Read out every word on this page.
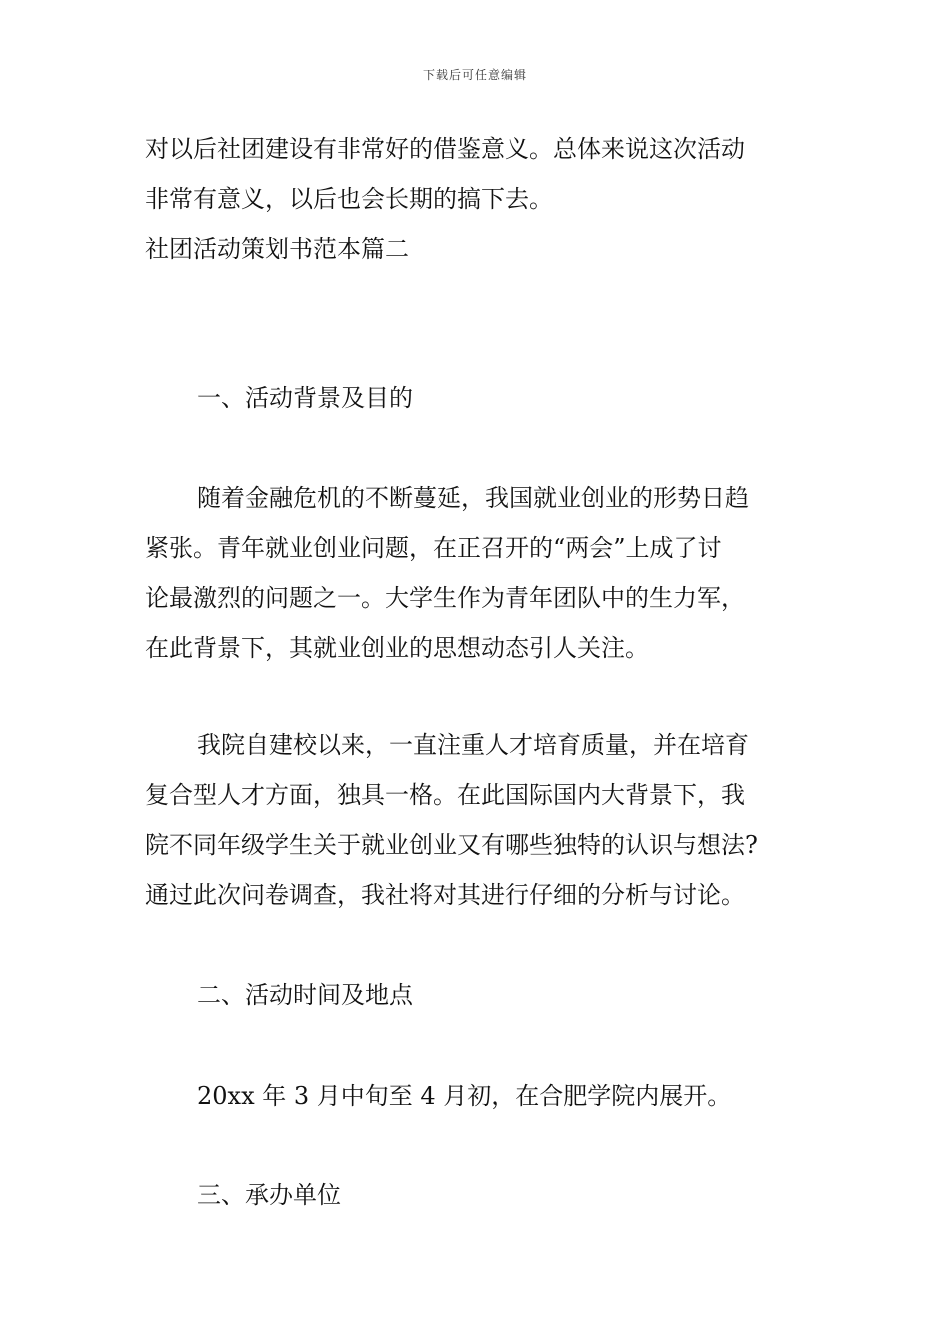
下载后可任意编辑
对以后社团建设有非常好的借鉴意义。总体来说这次活动
非常有意义，以后也会长期的搞下去。
社团活动策划书范本篇二
一、活动背景及目的
随着金融危机的不断蔓延，我国就业创业的形势日趋
紧张。青年就业创业问题，在正召开的“两会”上成了讨
论最激烈的问题之一。大学生作为青年团队中的生力军，
在此背景下，其就业创业的思想动态引人关注。
我院自建校以来，一直注重人才培育质量，并在培育
复合型人才方面，独具一格。在此国际国内大背景下，我
院不同年级学生关于就业创业又有哪些独特的认识与想法?
通过此次问卷调查，我社将对其进行仔细的分析与讨论。
二、活动时间及地点
20xx 年 3 月中旬至 4 月初，在合肥学院内展开。
三、承办单位
